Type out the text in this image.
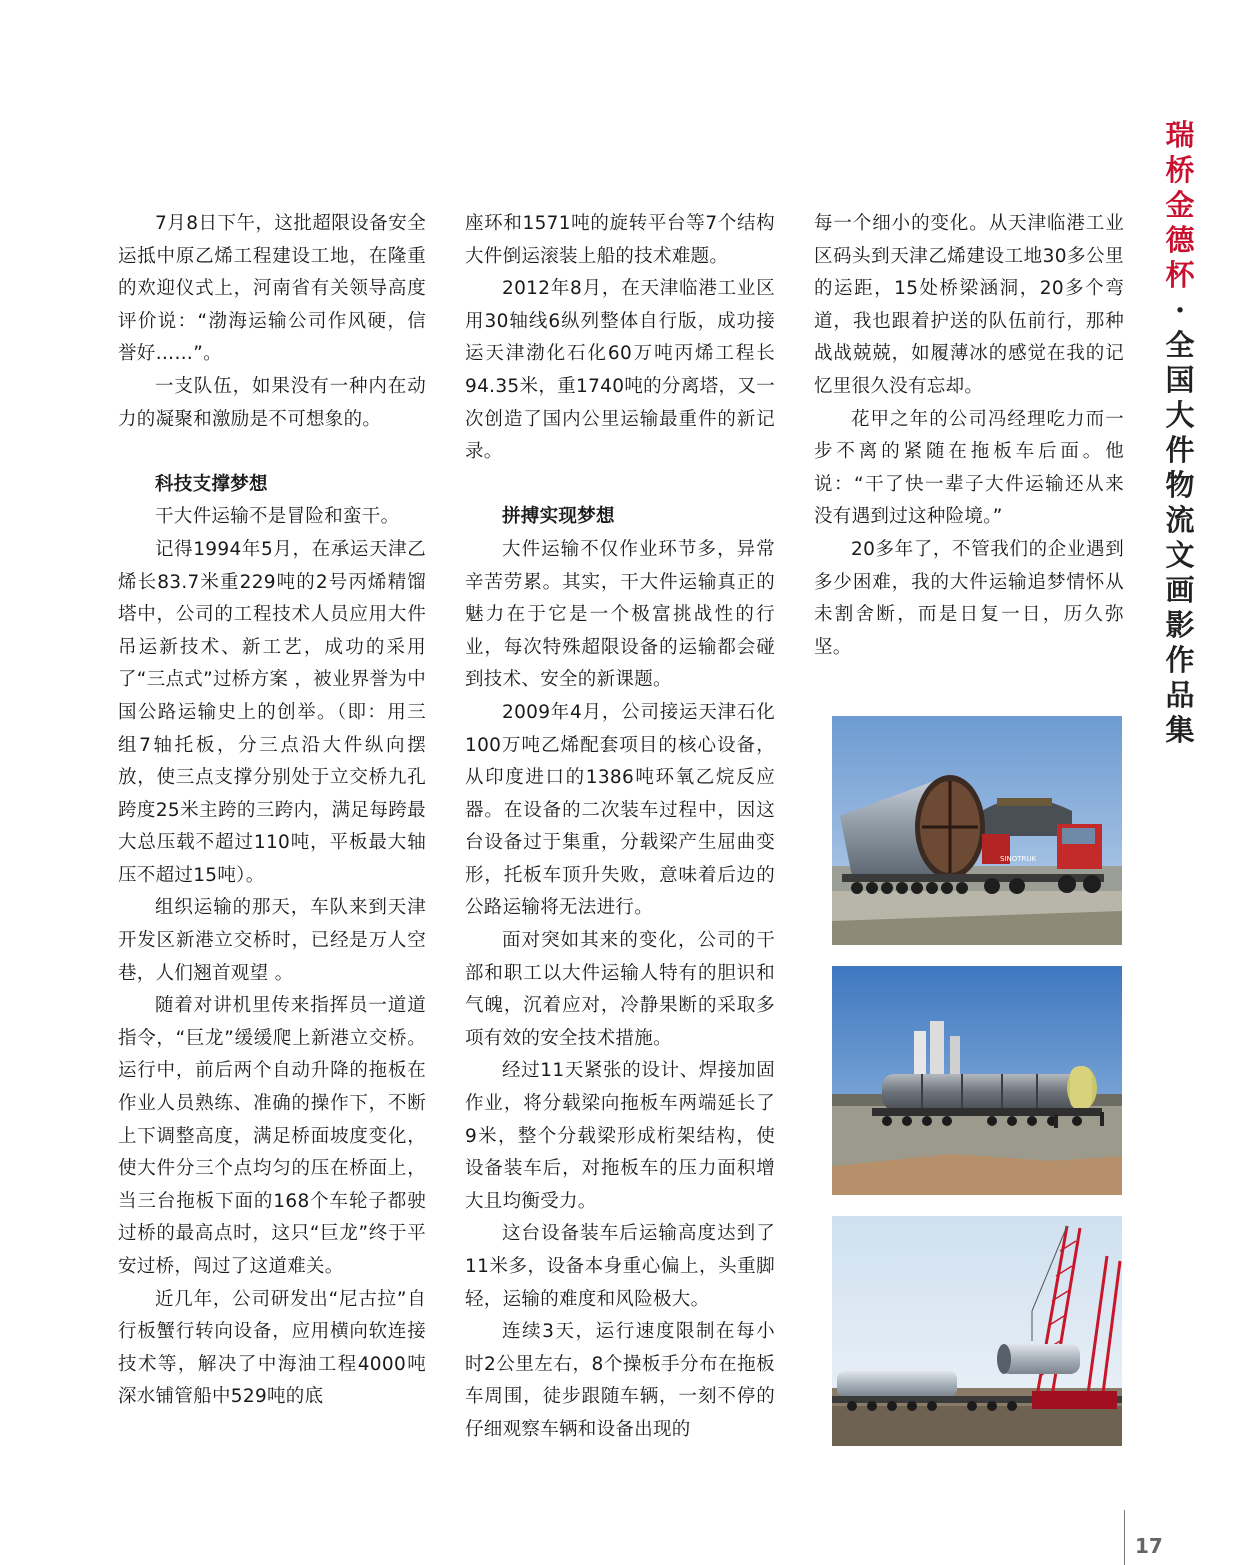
瑞
桥
金
德
杯
·
全
国
大
件
物
流
文
画
影
作
品
集

7月8日下午，这批超限设备安全运抵中原乙烯工程建设工地，在隆重的欢迎仪式上，河南省有关领导高度评价说：“渤海运输公司作风硬，信誉好……”。

一支队伍，如果没有一种内在动力的凝聚和激励是不可想象的。

科技支撑梦想

干大件运输不是冒险和蛮干。

记得1994年5月，在承运天津乙烯长83.7米重229吨的2号丙烯精馏塔中，公司的工程技术人员应用大件吊运新技术、新工艺，成功的采用了“三点式”过桥方案 ，被业界誉为中国公路运输史上的创举。（即：用三组7轴托板，分三点沿大件纵向摆放，使三点支撑分别处于立交桥九孔跨度25米主跨的三跨内，满足每跨最大总压载不超过110吨，平板最大轴压不超过15吨）。

组织运输的那天，车队来到天津开发区新港立交桥时，已经是万人空巷，人们翘首观望 。

随着对讲机里传来指挥员一道道指令，“巨龙”缓缓爬上新港立交桥。运行中，前后两个自动升降的拖板在作业人员熟练、准确的操作下，不断上下调整高度，满足桥面坡度变化，使大件分三个点均匀的压在桥面上，当三台拖板下面的168个车轮子都驶过桥的最高点时，这只“巨龙”终于平安过桥，闯过了这道难关。

近几年，公司研发出“尼古拉”自行板蟹行转向设备，应用横向软连接技术等，解决了中海油工程4000吨深水铺管船中529吨的底

座环和1571吨的旋转平台等7个结构大件倒运滚装上船的技术难题。

2012年8月，在天津临港工业区用30轴线6纵列整体自行版，成功接运天津渤化石化60万吨丙烯工程长94.35米，重1740吨的分离塔，又一次创造了国内公里运输最重件的新记录。

拼搏实现梦想

大件运输不仅作业环节多，异常辛苦劳累。其实，干大件运输真正的魅力在于它是一个极富挑战性的行业，每次特殊超限设备的运输都会碰到技术、安全的新课题。

2009年4月，公司接运天津石化100万吨乙烯配套项目的核心设备，从印度进口的1386吨环氧乙烷反应器。在设备的二次装车过程中，因这台设备过于集重，分载梁产生屈曲变形，托板车顶升失败，意味着后边的公路运输将无法进行。

面对突如其来的变化，公司的干部和职工以大件运输人特有的胆识和气魄，沉着应对，冷静果断的采取多项有效的安全技术措施。

经过11天紧张的设计、焊接加固作业，将分载梁向拖板车两端延长了9米，整个分载梁形成桁架结构，使设备装车后，对拖板车的压力面积增大且均衡受力。

这台设备装车后运输高度达到了11米多，设备本身重心偏上，头重脚轻，运输的难度和风险极大。

连续3天，运行速度限制在每小时2公里左右，8个操板手分布在拖板车周围，徒步跟随车辆，一刻不停的仔细观察车辆和设备出现的

每一个细小的变化。从天津临港工业区码头到天津乙烯建设工地30多公里的运距，15处桥梁涵洞，20多个弯道，我也跟着护送的队伍前行，那种战战兢兢，如履薄冰的感觉在我的记忆里很久没有忘却。

花甲之年的公司冯经理吃力而一步不离的紧随在拖板车后面。他说：“干了快一辈子大件运输还从来没有遇到过这种险境。”

20多年了，不管我们的企业遇到多少困难，我的大件运输追梦情怀从未割舍断，而是日复一日，历久弥坚。

SINOTRUK
17
